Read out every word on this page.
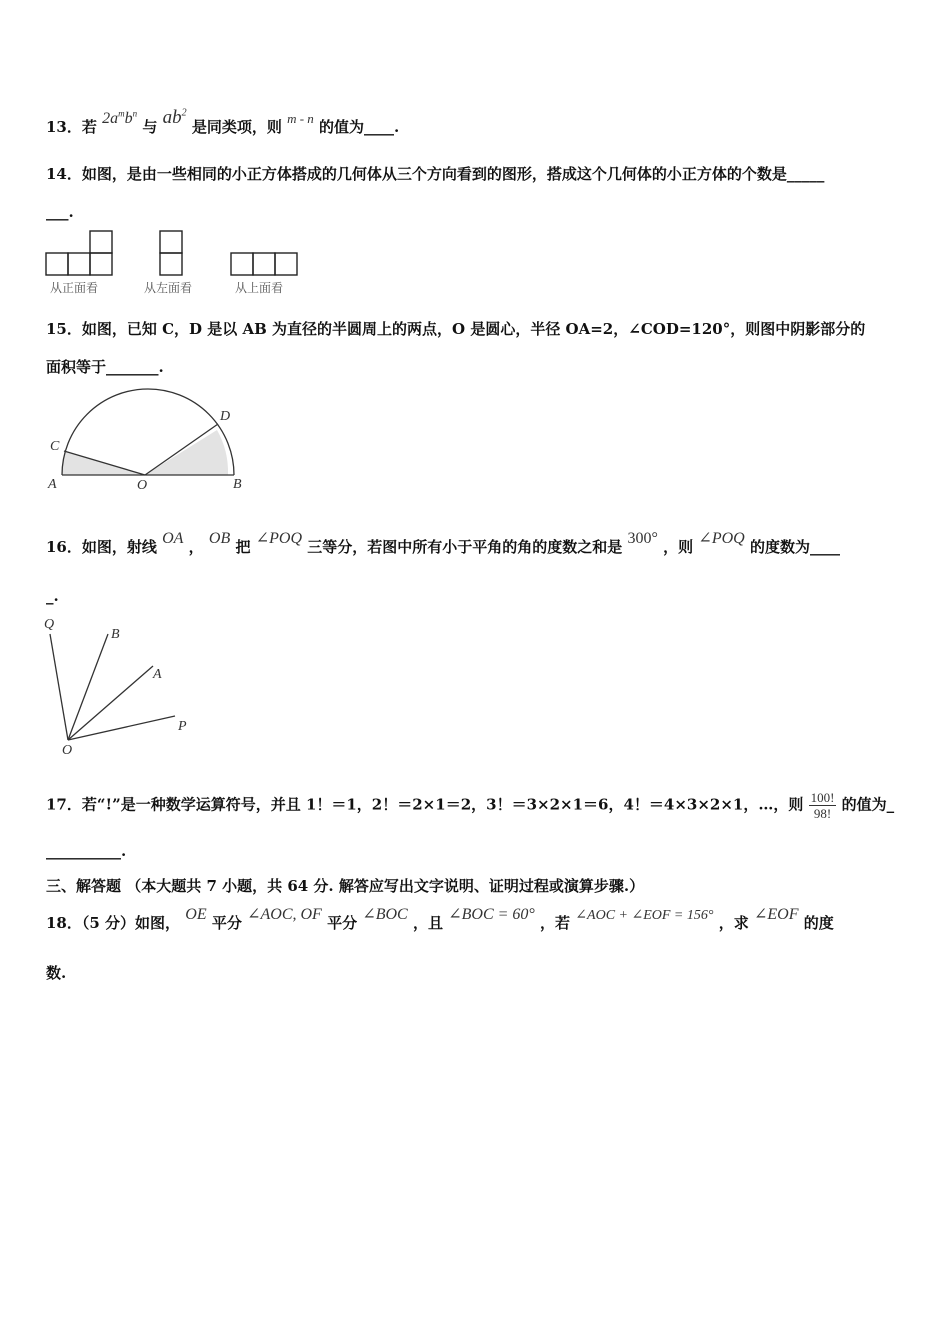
13．若 $2a^mb^n$ 与 $ab^2$ 是同类项，则 m - n 的值为____.
14．如图，是由一些相同的小正方体搭成的几何体从三个方向看到的图形，搭成这个几何体的小正方体的个数是_____
___.
从正面看	从左面看	从上面看
15．如图，已知 C，D 是以 AB 为直径的半圆周上的两点，O 是圆心，半径 OA=2，∠COD=120°，则图中阴影部分的
面积等于_______.
C
D
A	O	B
16．如图，射线 OA ， OB 把 ∠POQ 三等分，若图中所有小于平角的角的度数之和是 300° ，则 ∠POQ 的度数为____
_.
Q
B
A
P
O
17．若“!”是一种数学运算符号，并且 1！＝1，2！＝2×1＝2，3！＝3×2×1＝6，4！＝4×3×2×1，…，则 $\frac{100!}{98!}$ 的值为_
__________.
三、解答题 （本大题共 7 小题，共 64 分. 解答应写出文字说明、证明过程或演算步骤.）
18．（5 分）如图， OE 平分 ∠AOC, OF 平分 ∠BOC ，且 ∠BOC = 60° ，若 ∠AOC + ∠EOF = 156° ，求 ∠EOF 的度
数.
